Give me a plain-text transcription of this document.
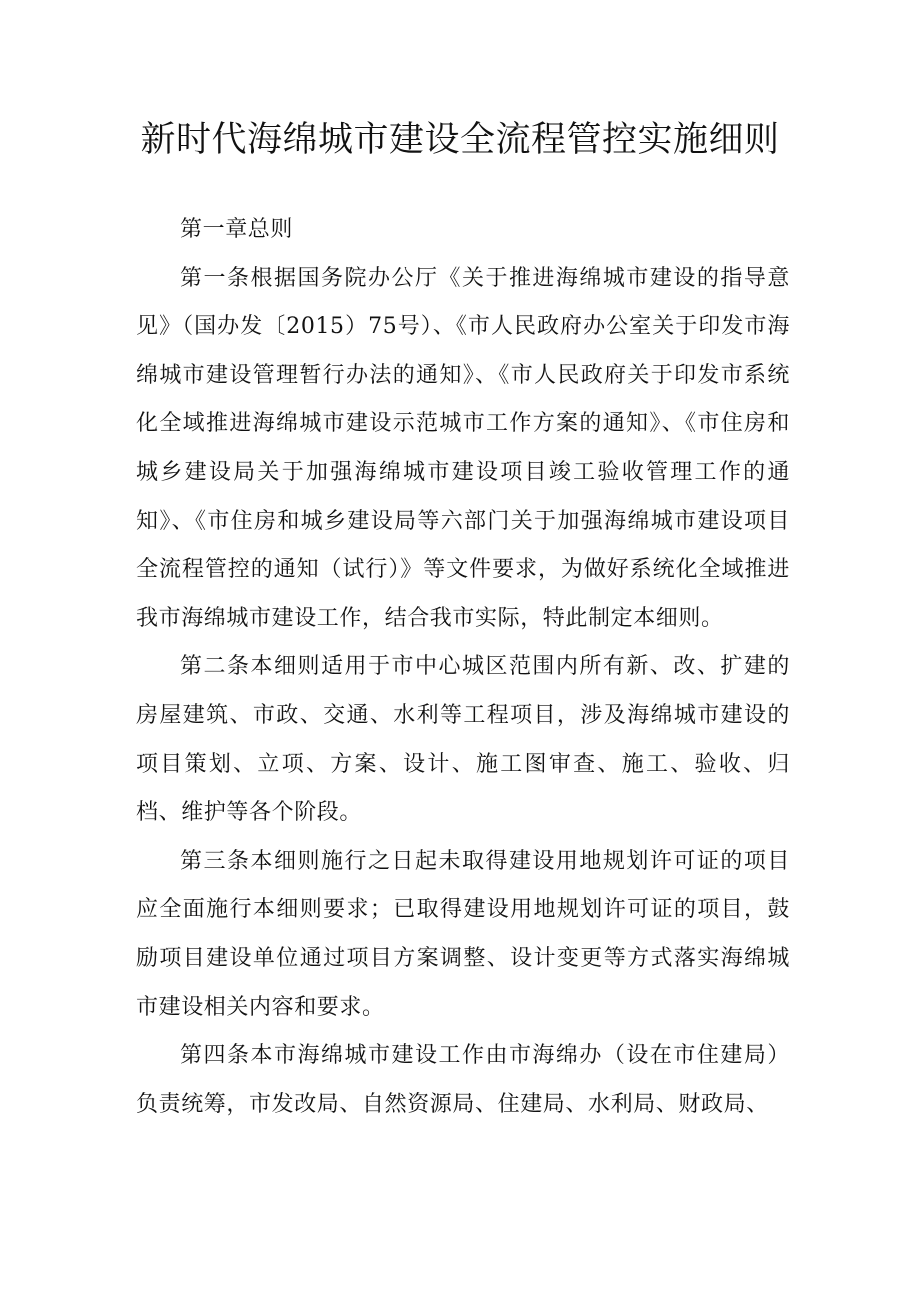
新时代海绵城市建设全流程管控实施细则

第一章总则

第一条根据国务院办公厅《关于推进海绵城市建设的指导意见》（国办发〔2015）75号）、《市人民政府办公室关于印发市海绵城市建设管理暂行办法的通知》、《市人民政府关于印发市系统化全域推进海绵城市建设示范城市工作方案的通知》、《市住房和城乡建设局关于加强海绵城市建设项目竣工验收管理工作的通知》、《市住房和城乡建设局等六部门关于加强海绵城市建设项目全流程管控的通知（试行）》等文件要求，为做好系统化全域推进我市海绵城市建设工作，结合我市实际，特此制定本细则。

第二条本细则适用于市中心城区范围内所有新、改、扩建的房屋建筑、市政、交通、水利等工程项目，涉及海绵城市建设的项目策划、立项、方案、设计、施工图审查、施工、验收、归档、维护等各个阶段。

第三条本细则施行之日起未取得建设用地规划许可证的项目应全面施行本细则要求；已取得建设用地规划许可证的项目，鼓励项目建设单位通过项目方案调整、设计变更等方式落实海绵城市建设相关内容和要求。

第四条本市海绵城市建设工作由市海绵办（设在市住建局）负责统筹，市发改局、自然资源局、住建局、水利局、财政局、
